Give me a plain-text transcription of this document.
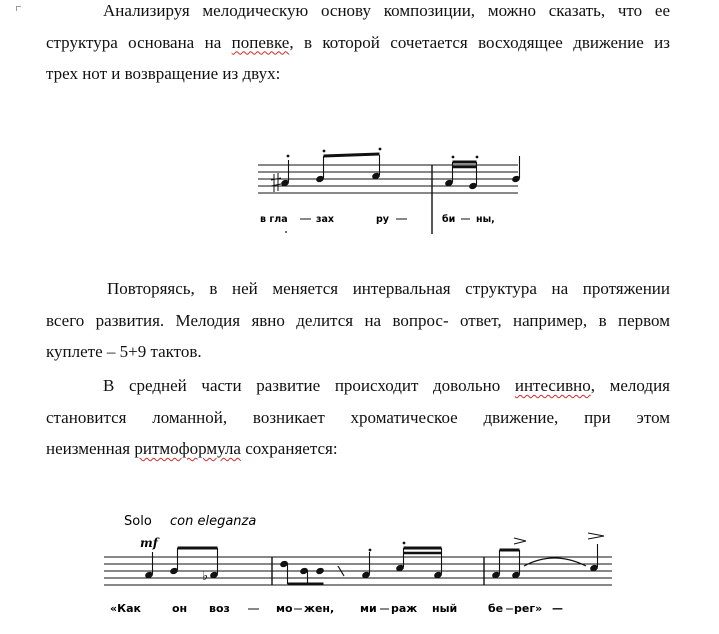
Анализируя мелодическую основу композиции, можно сказать, что ее
структура основана на попевке, в которой сочетается восходящее движение из
трех нот и возвращение из двух:

в гла	зах	ру	би ны,

Повторяясь, в ней меняется интервальная структура на протяжении
всего развития. Мелодия явно делится на вопрос- ответ, например, в первом
куплете – 5+9 тактов.

В средней части развитие происходит довольно интесивно, мелодия
становится ломанной, возникает хроматическое движение, при этом
неизменная ритмоформула сохраняется:

Solo con eleganza
mf
♭
«Как	он воз	мо жен, ми раж ный	бе рег» —
